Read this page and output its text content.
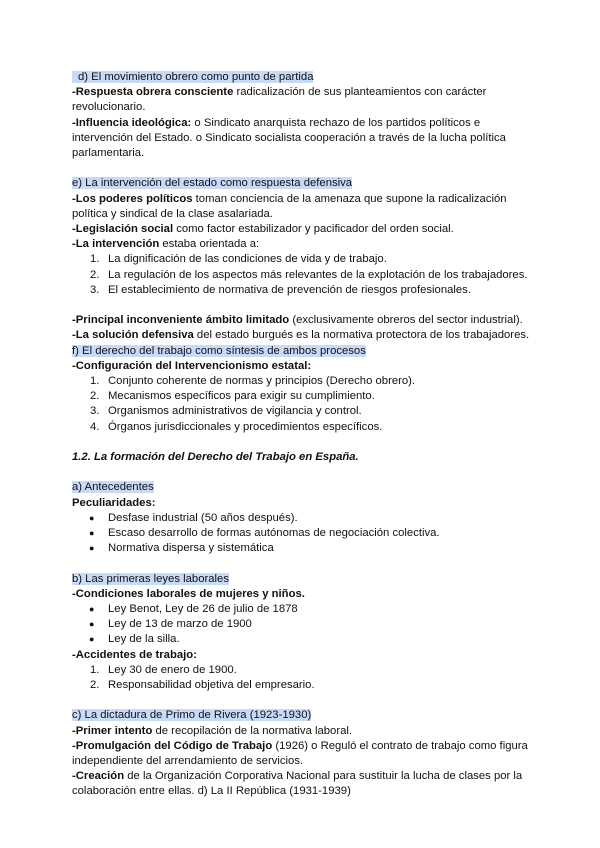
d) El movimiento obrero como punto de partida
-Respuesta obrera consciente radicalización de sus planteamientos con carácter revolucionario.
-Influencia ideológica: o Sindicato anarquista rechazo de los partidos políticos e intervención del Estado. o Sindicato socialista cooperación a través de la lucha política parlamentaria.
e) La intervención del estado como respuesta defensiva
-Los poderes políticos toman conciencia de la amenaza que supone la radicalización política y sindical de la clase asalariada.
-Legislación social como factor estabilizador y pacificador del orden social.
-La intervención estaba orientada a:
1. La dignificación de las condiciones de vida y de trabajo.
2. La regulación de los aspectos más relevantes de la explotación de los trabajadores.
3. El establecimiento de normativa de prevención de riesgos profesionales.
-Principal inconveniente ámbito limitado (exclusivamente obreros del sector industrial).
-La solución defensiva del estado burgués es la normativa protectora de los trabajadores.
f) El derecho del trabajo como síntesis de ambos procesos
-Configuración del Intervencionismo estatal:
1. Conjunto coherente de normas y principios (Derecho obrero).
2. Mecanismos específicos para exigir su cumplimiento.
3. Organismos administrativos de vigilancia y control.
4. Órganos jurisdiccionales y procedimientos específicos.
1.2. La formación del Derecho del Trabajo en España.
a) Antecedentes
Peculiaridades:
● Desfase industrial (50 años después).
● Escaso desarrollo de formas autónomas de negociación colectiva.
● Normativa dispersa y sistemática
b) Las primeras leyes laborales
-Condiciones laborales de mujeres y niños.
● Ley Benot, Ley de 26 de julio de 1878
● Ley de 13 de marzo de 1900
● Ley de la silla.
-Accidentes de trabajo:
1. Ley 30 de enero de 1900.
2. Responsabilidad objetiva del empresario.
c) La dictadura de Primo de Rivera (1923-1930)
-Primer intento de recopilación de la normativa laboral.
-Promulgación del Código de Trabajo (1926) o Reguló el contrato de trabajo como figura independiente del arrendamiento de servicios.
-Creación de la Organización Corporativa Nacional para sustituir la lucha de clases por la colaboración entre ellas. d) La II República (1931-1939)
